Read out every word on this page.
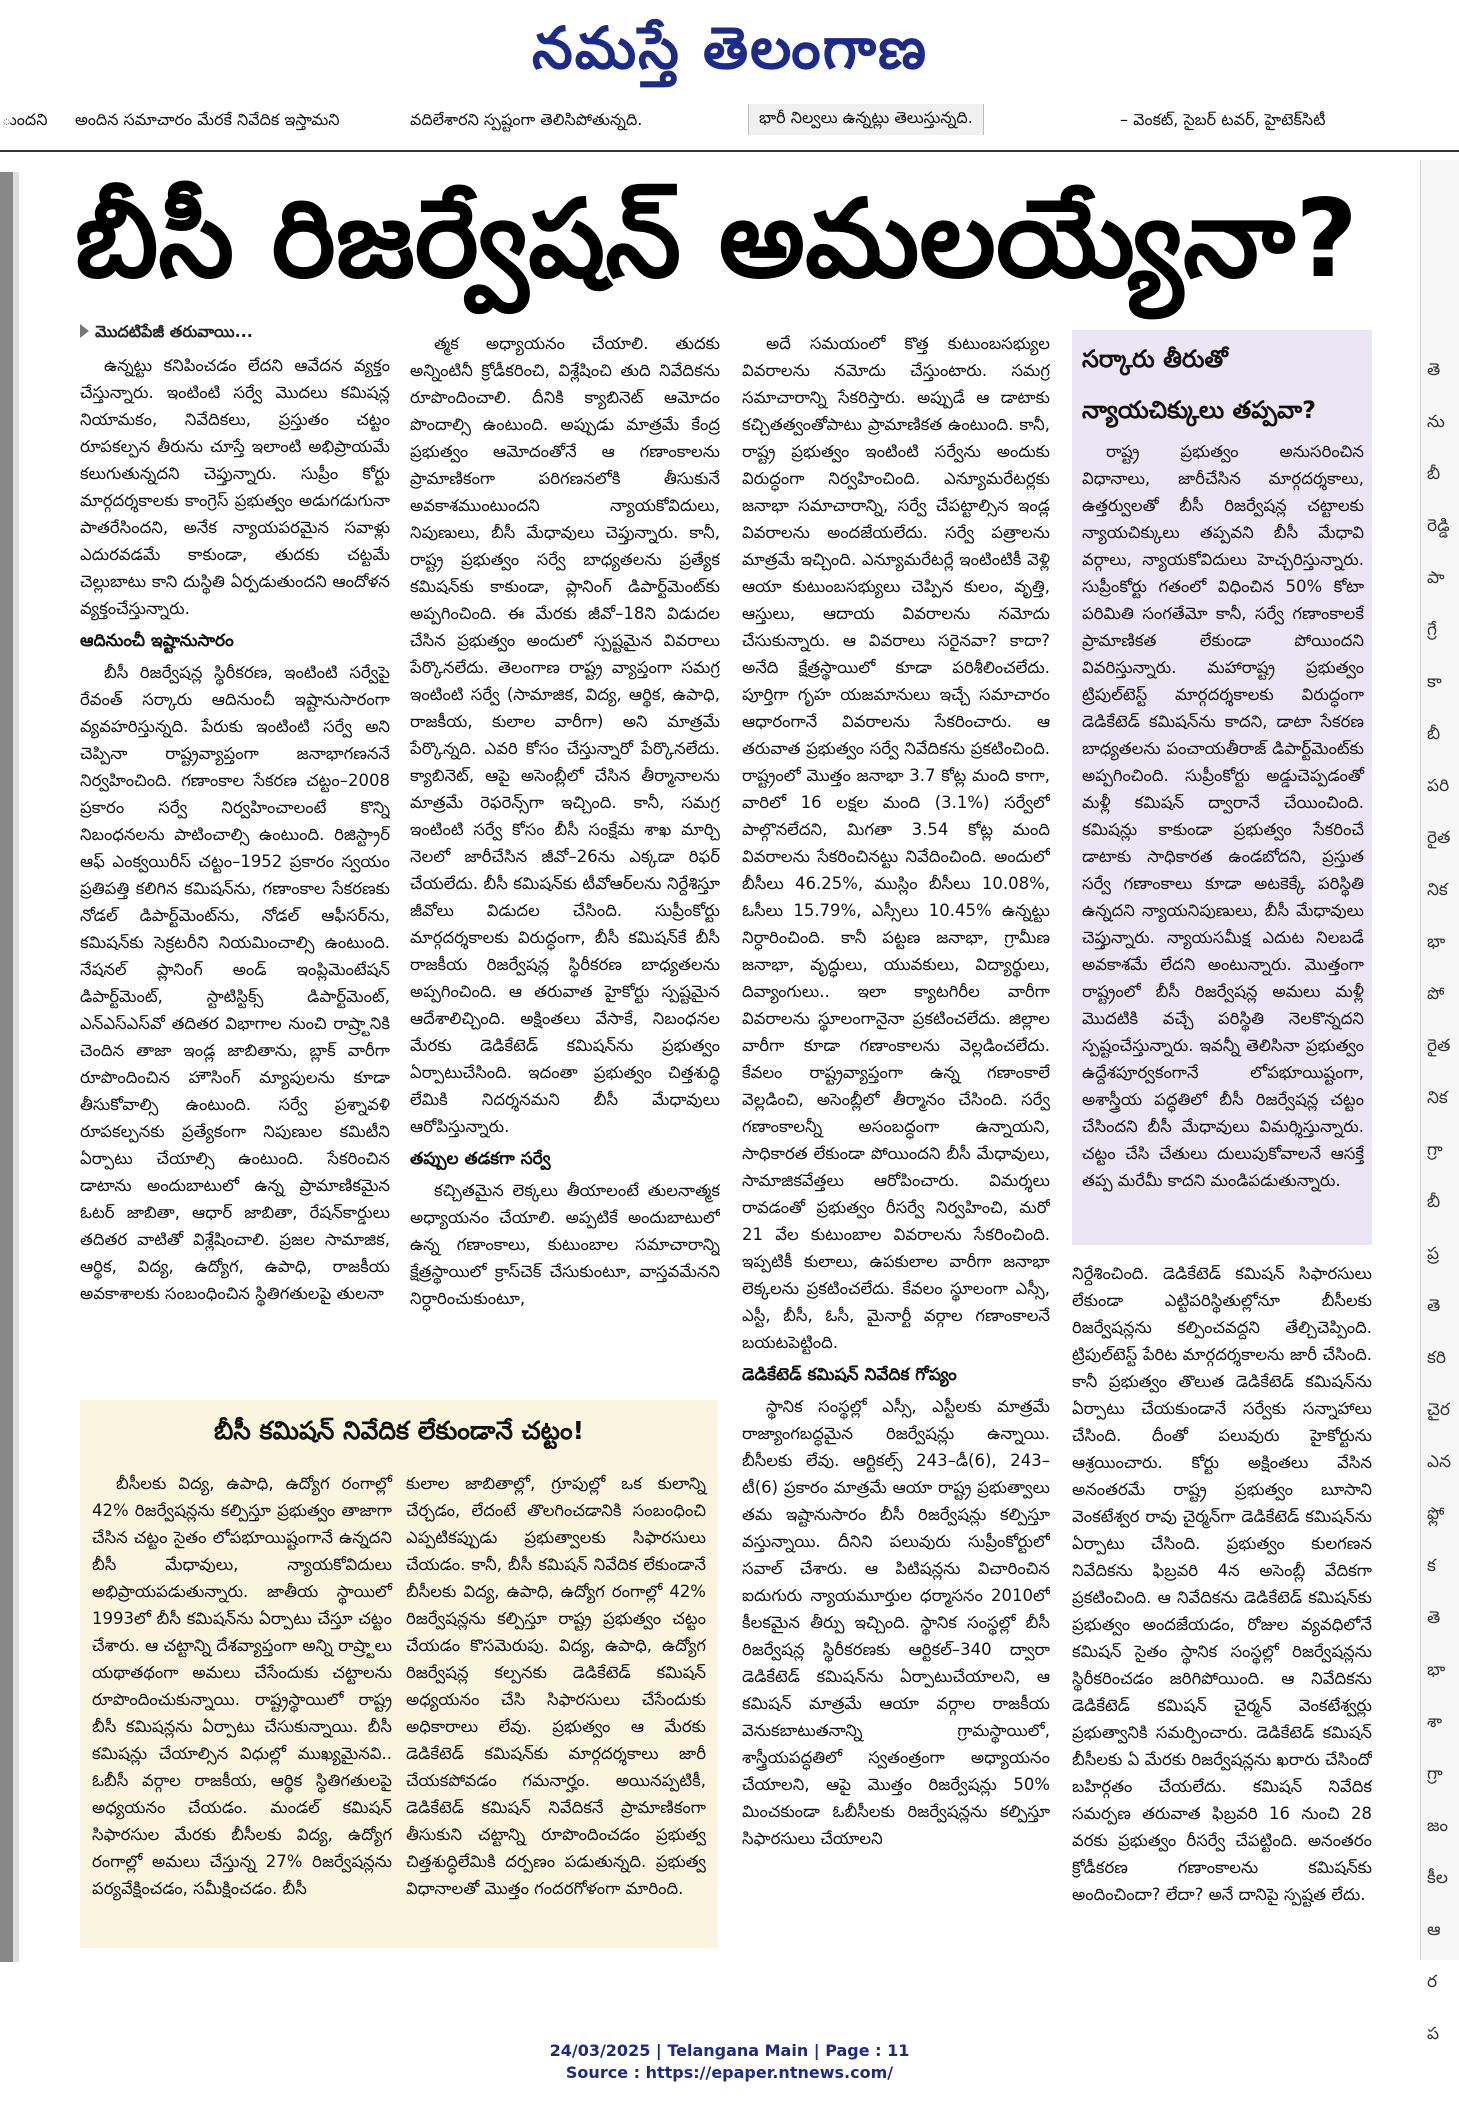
నమస్తే తెలంగాణ
ుందని అందిన సమాచారం మేరకే నివేదిక ఇస్తామని	వదిలేశారని స్పష్టంగా తెలిసిపోతున్నది.	భారీ నిల్వలు ఉన్నట్లు తెలుస్తున్నది.	– వెంకట్, సైబర్ టవర్, హైటెక్‌సిటీ
తె
ను
బీ
రెడ్డి
పా
గ్రే
కా
బీ
పరి
రైత
నిక
భా
పో
రైత
నిక
గ్రా
బీ
ప్ర
తె
కరి
చైర
ఎన
ఫ్లో
క
తె
భా
శా
గ్రా
జం
కీల
ఆ
ర
ప
బీసీ రిజర్వేషన్ అమలయ్యేనా?
మొదటిపేజీ తరువాయి...

ఉన్నట్టు కనిపించడం లేదని ఆవేదన వ్యక్తం చేస్తున్నారు. ఇంటింటి సర్వే మొదలు కమిషన్ల నియామకం, నివేదికలు, ప్రస్తుతం చట్టం రూపకల్పన తీరును చూస్తే ఇలాంటి అభిప్రాయమే కలుగుతున్నదని చెప్తున్నారు. సుప్రీం కోర్టు మార్గదర్శకాలకు కాంగ్రెస్ ప్రభుత్వం అడుగడుగునా పాతరేసిందని, అనేక న్యాయపరమైన సవాళ్లు ఎదురవడమే కాకుండా, తుదకు చట్టమే చెల్లుబాటు కాని దుస్థితి ఏర్పడుతుందని ఆందోళన వ్యక్తంచేస్తున్నారు.

ఆదినుంచీ ఇష్టానుసారం

బీసీ రిజర్వేషన్ల స్థిరీకరణ, ఇంటింటి సర్వేపై రేవంత్ సర్కారు ఆదినుంచీ ఇష్టానుసారంగా వ్యవహరిస్తున్నది. పేరుకు ఇంటింటి సర్వే అని చెప్పినా రాష్ట్రవ్యాప్తంగా జనాభాగణననే నిర్వహించింది. గణాంకాల సేకరణ చట్టం–2008 ప్రకారం సర్వే నిర్వహించాలంటే కొన్ని నిబంధనలను పాటించాల్సి ఉంటుంది. రిజిస్ట్రార్ ఆఫ్ ఎంక్వయిరీస్ చట్టం–1952 ప్రకారం స్వయం ప్రతిపత్తి కలిగిన కమిషన్‌ను, గణాంకాల సేకరణకు నోడల్ డిపార్ట్‌మెంట్‌ను, నోడల్ ఆఫీసర్‌ను, కమిషన్‌కు సెక్రటరీని నియమించాల్సి ఉంటుంది. నేషనల్ ప్లానింగ్ అండ్ ఇంప్లిమెంటేషన్ డిపార్ట్‌మెంట్, స్టాటిస్టిక్స్ డిపార్ట్‌మెంట్, ఎన్‌ఎస్‌ఎస్‌వో తదితర విభాగాల నుంచి రాష్ర్టానికి చెందిన తాజా ఇండ్ల జాబితాను, బ్లాక్ వారీగా రూపొందించిన హౌసింగ్ మ్యాపులను కూడా తీసుకోవాల్సి ఉంటుంది. సర్వే ప్రశ్నావళి రూపకల్పనకు ప్రత్యేకంగా నిపుణుల కమిటీని ఏర్పాటు చేయాల్సి ఉంటుంది. సేకరించిన డాటాను అందుబాటులో ఉన్న ప్రామాణికమైన ఓటర్ జాబితా, ఆధార్ జాబితా, రేషన్‌కార్డులు తదితర వాటితో విశ్లేషించాలి. ప్రజల సామాజిక, ఆర్థిక, విద్య, ఉద్యోగ, ఉపాధి, రాజకీయ అవకాశాలకు సంబంధించిన స్థితిగతులపై తులనా

త్మక అధ్యాయనం చేయాలి. తుదకు అన్నింటినీ క్రోడీకరించి, విశ్లేషించి తుది నివేదికను రూపొందించాలి. దీనికి క్యాబినెట్ ఆమోదం పొందాల్సి ఉంటుంది. అప్పుడు మాత్రమే కేంద్ర ప్రభుత్వం ఆమోదంతోనే ఆ గణాంకాలను ప్రామాణికంగా పరిగణనలోకి తీసుకునే అవకాశముంటుందని న్యాయకోవిదులు, నిపుణులు, బీసీ మేధావులు చెప్తున్నారు. కానీ, రాష్ట్ర ప్రభుత్వం సర్వే బాధ్యతలను ప్రత్యేక కమిషన్‌కు కాకుండా, ప్లానింగ్ డిపార్ట్‌మెంట్‌కు అప్పగించింది. ఈ మేరకు జీవో–18ని విడుదల చేసిన ప్రభుత్వం అందులో స్పష్టమైన వివరాలు పేర్కొనలేదు. తెలంగాణ రాష్ట్ర వ్యాప్తంగా సమగ్ర ఇంటింటి సర్వే (సామాజిక, విద్య, ఆర్థిక, ఉపాధి, రాజకీయ, కులాల వారీగా) అని మాత్రమే పేర్కొన్నది. ఎవరి కోసం చేస్తున్నారో పేర్కొనలేదు. క్యాబినెట్, ఆపై అసెంబ్లీలో చేసిన తీర్మానాలను మాత్రమే రెఫరెన్స్‌గా ఇచ్చింది. కానీ, సమగ్ర ఇంటింటి సర్వే కోసం బీసీ సంక్షేమ శాఖ మార్చి నెలలో జారీచేసిన జీవో–26ను ఎక్కడా రిఫర్ చేయలేదు. బీసీ కమిషన్‌కు టీవోఆర్‌లను నిర్దేశిస్తూ జీవోలు విడుదల చేసింది. సుప్రీంకోర్టు మార్గదర్శకాలకు విరుద్ధంగా, బీసీ కమిషన్‌కే బీసీ రాజకీయ రిజర్వేషన్ల స్థిరీకరణ బాధ్యతలను అప్పగించింది. ఆ తరువాత హైకోర్టు స్పష్టమైన ఆదేశాలిచ్చింది. అక్షింతలు వేసాకే, నిబంధనల మేరకు డెడికేటెడ్ కమిషన్‌ను ప్రభుత్వం ఏర్పాటుచేసింది. ఇదంతా ప్రభుత్వం చిత్తశుద్ధి లేమికి నిదర్శనమని బీసీ మేధావులు ఆరోపిస్తున్నారు.

తప్పుల తడకగా సర్వే

కచ్చితమైన లెక్కలు తీయాలంటే తులనాత్మక అధ్యాయనం చేయాలి. అప్పటికే అందుబాటులో ఉన్న గణాంకాలు, కుటుంబాల సమాచారాన్ని క్షేత్రస్థాయిలో క్రాస్‌చెక్ చేసుకుంటూ, వాస్తవమేనని నిర్ధారించుకుంటూ,

అదే సమయంలో కొత్త కుటుంబసభ్యుల వివరాలను నమోదు చేస్తుంటారు. సమగ్ర సమాచారాన్ని సేకరిస్తారు. అప్పుడే ఆ డాటాకు కచ్చితత్వంతోపాటు ప్రామాణికత ఉంటుంది. కానీ, రాష్ట్ర ప్రభుత్వం ఇంటింటి సర్వేను అందుకు విరుద్ధంగా నిర్వహించింది. ఎన్యూమరేటర్లకు జనాభా సమాచారాన్ని, సర్వే చేపట్టాల్సిన ఇండ్ల వివరాలను అందజేయలేదు. సర్వే పత్రాలను మాత్రమే ఇచ్చింది. ఎన్యూమరేటర్లే ఇంటింటికీ వెళ్లి ఆయా కుటుంబసభ్యులు చెప్పిన కులం, వృత్తి, ఆస్తులు, ఆదాయ వివరాలను నమోదు చేసుకున్నారు. ఆ వివరాలు సరైనవా? కాదా? అనేది క్షేత్రస్థాయిలో కూడా పరిశీలించలేదు. పూర్తిగా గృహ యజమానులు ఇచ్చే సమాచారం ఆధారంగానే వివరాలను సేకరించారు. ఆ తరువాత ప్రభుత్వం సర్వే నివేదికను ప్రకటించింది. రాష్ట్రంలో మొత్తం జనాభా 3.7 కోట్ల మంది కాగా, వారిలో 16 లక్షల మంది (3.1%) సర్వేలో పాల్గొనలేదని, మిగతా 3.54 కోట్ల మంది వివరాలను సేకరించినట్టు నివేదించింది. అందులో బీసీలు 46.25%, ముస్లిం బీసీలు 10.08%, ఓసీలు 15.79%, ఎస్సీలు 10.45% ఉన్నట్టు నిర్ధారించింది. కానీ పట్టణ జనాభా, గ్రామీణ జనాభా, వృద్ధులు, యువకులు, విద్యార్థులు, దివ్యాంగులు.. ఇలా క్యాటగిరీల వారీగా వివరాలను స్థూలంగానైనా ప్రకటించలేదు. జిల్లాల వారీగా కూడా గణాంకాలను వెల్లడించలేదు. కేవలం రాష్ట్రవ్యాప్తంగా ఉన్న గణాంకాలే వెల్లడించి, అసెంబ్లీలో తీర్మానం చేసింది. సర్వే గణాంకాలన్నీ అసంబద్ధంగా ఉన్నాయని, సాధికారత లేకుండా పోయిందని బీసీ మేధావులు, సామాజికవేత్తలు ఆరోపించారు. విమర్శలు రావడంతో ప్రభుత్వం రీసర్వే నిర్వహించి, మరో 21 వేల కుటుంబాల వివరాలను సేకరించింది. ఇప్పటికీ కులాలు, ఉపకులాల వారీగా జనాభా లెక్కలను ప్రకటించలేదు. కేవలం స్థూలంగా ఎస్సీ, ఎస్టీ, బీసీ, ఓసీ, మైనార్టీ వర్గాల గణాంకాలనే బయటపెట్టింది.

డెడికేటెడ్ కమిషన్ నివేదిక గోప్యం

స్థానిక సంస్థల్లో ఎస్సీ, ఎస్టీలకు మాత్రమే రాజ్యాంగబద్ధమైన రిజర్వేషన్లు ఉన్నాయి. బీసీలకు లేవు. ఆర్టికల్స్ 243–డీ(6), 243–టీ(6) ప్రకారం మాత్రమే ఆయా రాష్ట్ర ప్రభుత్వాలు తమ ఇష్టానుసారం బీసీ రిజర్వేషన్లు కల్పిస్తూ వస్తున్నాయి. దీనిని పలువురు సుప్రీంకోర్టులో సవాల్ చేశారు. ఆ పిటిషన్లను విచారించిన ఐదుగురు న్యాయమూర్తుల ధర్మాసనం 2010లో కీలకమైన తీర్పు ఇచ్చింది. స్థానిక సంస్థల్లో బీసీ రిజర్వేషన్ల స్థిరీకరణకు ఆర్టికల్–340 ద్వారా డెడికేటెడ్ కమిషన్‌ను ఏర్పాటుచేయాలని, ఆ కమిషన్ మాత్రమే ఆయా వర్గాల రాజకీయ వెనుకబాటుతనాన్ని గ్రామస్థాయిలో, శాస్త్రీయపద్ధతిలో స్వతంత్రంగా అధ్యాయనం చేయాలని, ఆపై మొత్తం రిజర్వేషన్లు 50% మించకుండా ఓబీసీలకు రిజర్వేషన్లను కల్పిస్తూ సిఫారసులు చేయాలని

సర్కారు తీరుతో
న్యాయచిక్కులు తప్పవా?

రాష్ట్ర ప్రభుత్వం అనుసరించిన విధానాలు, జారీచేసిన మార్గదర్శకాలు, ఉత్తర్వులతో బీసీ రిజర్వేషన్ల చట్టాలకు న్యాయచిక్కులు తప్పవని బీసీ మేధావి వర్గాలు, న్యాయకోవిదులు హెచ్చరిస్తున్నారు. సుప్రీంకోర్టు గతంలో విధించిన 50% కోటా పరిమితి సంగతేమో కానీ, సర్వే గణాంకాలకే ప్రామాణికత లేకుండా పోయిందని వివరిస్తున్నారు. మహారాష్ట్ర ప్రభుత్వం ట్రిపుల్‌టెస్ట్ మార్గదర్శకాలకు విరుద్ధంగా డెడికేటెడ్ కమిషన్‌ను కాదని, డాటా సేకరణ బాధ్యతలను పంచాయతీరాజ్ డిపార్ట్‌మెంట్‌కు అప్పగించింది. సుప్రీంకోర్టు అడ్డుచెప్పడంతో మళ్లీ కమిషన్ ద్వారానే చేయించింది. కమిషన్లు కాకుండా ప్రభుత్వం సేకరించే డాటాకు సాధికారత ఉండబోదని, ప్రస్తుత సర్వే గణాంకాలు కూడా అటకెక్కే పరిస్థితి ఉన్నదని న్యాయనిపుణులు, బీసీ మేధావులు చెప్తున్నారు. న్యాయసమీక్ష ఎదుట నిలబడే అవకాశమే లేదని అంటున్నారు. మొత్తంగా రాష్ట్రంలో బీసీ రిజర్వేషన్ల అమలు మళ్లీ మొదటికి వచ్చే పరిస్థితి నెలకొన్నదని స్పష్టంచేస్తున్నారు. ఇవన్నీ తెలిసినా ప్రభుత్వం ఉద్దేశపూర్వకంగానే లోపభూయిష్టంగా, అశాస్త్రీయ పద్ధతిలో బీసీ రిజర్వేషన్ల చట్టం చేసిందని బీసీ మేధావులు విమర్శిస్తున్నారు. చట్టం చేసి చేతులు దులుపుకోవాలనే ఆసక్తే తప్ప మరేమీ కాదని మండిపడుతున్నారు.

నిర్దేశించింది. డెడికేటెడ్ కమిషన్ సిఫారసులు లేకుండా ఎట్టిపరిస్థితుల్లోనూ బీసీలకు రిజర్వేషన్లను కల్పించవద్దని తేల్చిచెప్పింది. ట్రిపుల్‌టెస్ట్ పేరిట మార్గదర్శకాలను జారీ చేసింది. కానీ ప్రభుత్వం తొలుత డెడికేటెడ్ కమిషన్‌ను ఏర్పాటు చేయకుండానే సర్వేకు సన్నాహాలు చేసింది. దీంతో పలువురు హైకోర్టును ఆశ్రయించారు. కోర్టు అక్షింతలు వేసిన అనంతరమే రాష్ట్ర ప్రభుత్వం బూసాని వెంకటేశ్వర రావు చైర్మన్‌గా డెడికేటెడ్ కమిషన్‌ను ఏర్పాటు చేసింది. ప్రభుత్వం కులగణన నివేదికను ఫిబ్రవరి 4న అసెంబ్లీ వేదికగా ప్రకటించింది. ఆ నివేదికను డెడికేటెడ్ కమిషన్‌కు ప్రభుత్వం అందజేయడం, రోజుల వ్యవధిలోనే కమిషన్ సైతం స్థానిక సంస్థల్లో రిజర్వేషన్లను స్థిరీకరించడం జరిగిపోయింది. ఆ నివేదికను డెడికేటెడ్ కమిషన్ చైర్మన్ వెంకటేశ్వర్లు ప్రభుత్వానికి సమర్పించారు. డెడికేటెడ్ కమిషన్ బీసీలకు ఏ మేరకు రిజర్వేషన్లను ఖరారు చేసిందో బహిర్గతం చేయలేదు. కమిషన్ నివేదిక సమర్పణ తరువాత ఫిబ్రవరి 16 నుంచి 28 వరకు ప్రభుత్వం రీసర్వే చేపట్టింది. అనంతరం క్రోడీకరణ గణాంకాలను కమిషన్‌కు అందించిందా? లేదా? అనే దానిపై స్పష్టత లేదు.

బీసీ కమిషన్ నివేదిక లేకుండానే చట్టం!

బీసీలకు విద్య, ఉపాధి, ఉద్యోగ రంగాల్లో 42% రిజర్వేషన్లను కల్పిస్తూ ప్రభుత్వం తాజాగా చేసిన చట్టం సైతం లోపభూయిష్టంగానే ఉన్నదని బీసీ మేధావులు, న్యాయకోవిదులు అభిప్రాయపడుతున్నారు. జాతీయ స్థాయిలో 1993లో బీసీ కమిషన్‌ను ఏర్పాటు చేస్తూ చట్టం చేశారు. ఆ చట్టాన్ని దేశవ్యాప్తంగా అన్ని రాష్ర్టాలు యథాతథంగా అమలు చేసేందుకు చట్టాలను రూపొందించుకున్నాయి. రాష్ట్రస్థాయిలో రాష్ట్ర బీసీ కమిషన్లను ఏర్పాటు చేసుకున్నాయి. బీసీ కమిషన్లు చేయాల్సిన విధుల్లో ముఖ్యమైనవి.. ఓబీసీ వర్గాల రాజకీయ, ఆర్థిక స్థితిగతులపై అధ్యయనం చేయడం. మండల్ కమిషన్ సిఫారసుల మేరకు బీసీలకు విద్య, ఉద్యోగ రంగాల్లో అమలు చేస్తున్న 27% రిజర్వేషన్లను పర్యవేక్షించడం, సమీక్షించడం. బీసీ

కులాల జాబితాల్లో, గ్రూపుల్లో ఒక కులాన్ని చేర్చడం, లేదంటే తొలగించడానికి సంబంధించి ఎప్పటికప్పుడు ప్రభుత్వాలకు సిఫారసులు చేయడం. కానీ, బీసీ కమిషన్ నివేదిక లేకుండానే బీసీలకు విద్య, ఉపాధి, ఉద్యోగ రంగాల్లో 42% రిజర్వేషన్లను కల్పిస్తూ రాష్ట్ర ప్రభుత్వం చట్టం చేయడం కొసమెరుపు. విద్య, ఉపాధి, ఉద్యోగ రిజర్వేషన్ల కల్పనకు డెడికేటెడ్ కమిషన్ అధ్యయనం చేసి సిఫారసులు చేసేందుకు అధికారాలు లేవు. ప్రభుత్వం ఆ మేరకు డెడికేటెడ్ కమిషన్‌కు మార్గదర్శకాలు జారీ చేయకపోవడం గమనార్హం. అయినప్పటికీ, డెడికేటెడ్ కమిషన్ నివేదికనే ప్రామాణికంగా తీసుకుని చట్టాన్ని రూపొందించడం ప్రభుత్వ చిత్తశుద్ధిలేమికి దర్పణం పడుతున్నది. ప్రభుత్వ విధానాలతో మొత్తం గందరగోళంగా మారింది.

24/03/2025 | Telangana Main | Page : 11
Source : https://epaper.ntnews.com/
